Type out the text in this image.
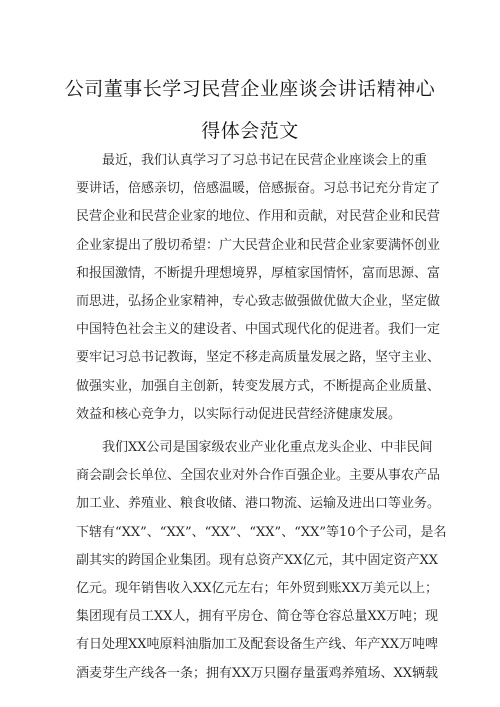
公司董事长学习民营企业座谈会讲话精神心
得体会范文
最近，我们认真学习了习总书记在民营企业座谈会上的重
要讲话，倍感亲切，倍感温暖，倍感振奋。习总书记充分肯定了
民营企业和民营企业家的地位、作用和贡献，对民营企业和民营
企业家提出了殷切希望：广大民营企业和民营企业家要满怀创业
和报国激情，不断提升理想境界，厚植家国情怀，富而思源、富
而思进，弘扬企业家精神，专心致志做强做优做大企业，坚定做
中国特色社会主义的建设者、中国式现代化的促进者。我们一定
要牢记习总书记教诲，坚定不移走高质量发展之路，坚守主业、
做强实业，加强自主创新，转变发展方式，不断提高企业质量、
效益和核心竞争力，以实际行动促进民营经济健康发展。
我们XX公司是国家级农业产业化重点龙头企业、中非民间
商会副会长单位、全国农业对外合作百强企业。主要从事农产品
加工业、养殖业、粮食收储、港口物流、运输及进出口等业务。
下辖有“XX”、“XX”、“XX”、“XX”、“XX”等10个子公司，是名
副其实的跨国企业集团。现有总资产XX亿元，其中固定资产XX
亿元。现年销售收入XX亿元左右；年外贸到账XX万美元以上；
集团现有员工XX人，拥有平房仓、简仓等仓容总量XX万吨；现
有日处理XX吨原料油脂加工及配套设备生产线、年产XX万吨啤
酒麦芽生产线各一条；拥有XX万只圈存量蛋鸡养殖场、XX辆载
